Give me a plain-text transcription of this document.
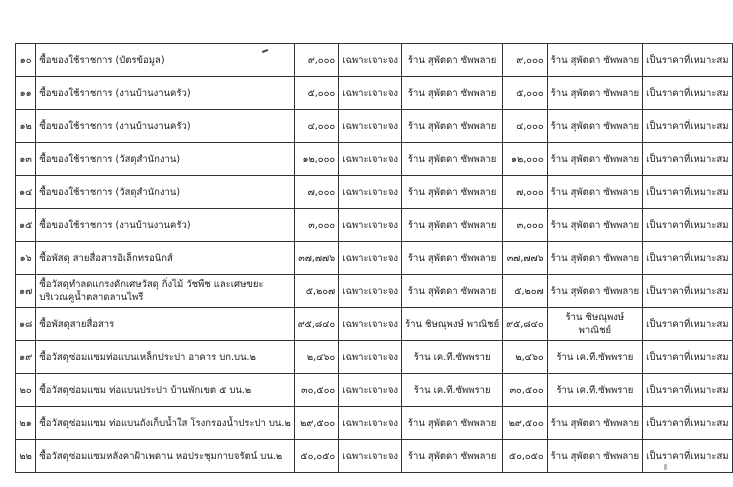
๑๐	ซื้อของใช้ราชการ (บัตรข้อมูล)	๙,๐๐๐	เฉพาะเจาะจง	ร้าน สุพัตดา ซัพพลาย	๙,๐๐๐	ร้าน สุพัตดา ซัพพลาย	เป็นราคาที่เหมาะสม
๑๑	ซื้อของใช้ราชการ (งานบ้านงานครัว)	๕,๐๐๐	เฉพาะเจาะจง	ร้าน สุพัตดา ซัพพลาย	๕,๐๐๐	ร้าน สุพัตดา ซัพพลาย	เป็นราคาที่เหมาะสม
๑๒	ซื้อของใช้ราชการ (งานบ้านงานครัว)	๔,๐๐๐	เฉพาะเจาะจง	ร้าน สุพัตดา ซัพพลาย	๔,๐๐๐	ร้าน สุพัตดา ซัพพลาย	เป็นราคาที่เหมาะสม
๑๓	ซื้อของใช้ราชการ (วัสดุสำนักงาน)	๑๒,๐๐๐	เฉพาะเจาะจง	ร้าน สุพัตดา ซัพพลาย	๑๒,๐๐๐	ร้าน สุพัตดา ซัพพลาย	เป็นราคาที่เหมาะสม
๑๔	ซื้อของใช้ราชการ (วัสดุสำนักงาน)	๗,๐๐๐	เฉพาะเจาะจง	ร้าน สุพัตดา ซัพพลาย	๗,๐๐๐	ร้าน สุพัตดา ซัพพลาย	เป็นราคาที่เหมาะสม
๑๕	ซื้อของใช้ราชการ (งานบ้านงานครัว)	๓,๐๐๐	เฉพาะเจาะจง	ร้าน สุพัตดา ซัพพลาย	๓,๐๐๐	ร้าน สุพัตดา ซัพพลาย	เป็นราคาที่เหมาะสม
๑๖	ซื้อพัสดุ สายสื่อสารอิเล็กทรอนิกส์	๓๗,๗๗๖	เฉพาะเจาะจง	ร้าน สุพัตดา ซัพพลาย	๓๗,๗๗๖	ร้าน สุพัตดา ซัพพลาย	เป็นราคาที่เหมาะสม
๑๗	ซื้อวัสดุทำลดแกรงดักเศษวัสดุ กิ่งไม้ วัชพืช และเศษขยะบริเวณคูน้ำตลาดลานไพรี	๕,๒๐๗	เฉพาะเจาะจง	ร้าน สุพัตดา ซัพพลาย	๕,๒๐๗	ร้าน สุพัตดา ซัพพลาย	เป็นราคาที่เหมาะสม
๑๘	ซื้อพัสดุสายสื่อสาร	๙๕,๘๔๐	เฉพาะเจาะจง	ร้าน ชิษณุพงษ์ พาณิชย์	๙๕,๘๔๐	ร้าน ชิษณุพงษ์ พาณิชย์	เป็นราคาที่เหมาะสม
๑๙	ซื้อวัสดุซ่อมแซมท่อแบนเหล็กประปา อาคาร บก.บน.๒	๒,๔๖๐	เฉพาะเจาะจง	ร้าน เค.ที.ซัพพราย	๒,๔๖๐	ร้าน เค.ที.ซัพพราย	เป็นราคาที่เหมาะสม
๒๐	ซื้อวัสดุซ่อมแซม ท่อแบนประปา บ้านพักเขต ๕ บน.๒	๓๐,๕๐๐	เฉพาะเจาะจง	ร้าน เค.ที.ซัพพราย	๓๐,๕๐๐	ร้าน เค.ที.ซัพพราย	เป็นราคาที่เหมาะสม
๒๑	ซื้อวัสดุซ่อมแซม ท่อแบนถังเก็บน้ำใส โรงกรองน้ำประปา บน.๒	๒๙,๕๐๐	เฉพาะเจาะจง	ร้าน สุพัตดา ซัพพลาย	๒๙,๕๐๐	ร้าน สุพัตดา ซัพพลาย	เป็นราคาที่เหมาะสม
๒๒	ซื้อวัสดุซ่อมแซมหลังคาฝ้าเพดาน หอประชุมกาบจรัตน์ บน.๒	๕๐,๐๕๐	เฉพาะเจาะจง	ร้าน สุพัตดา ซัพพลาย	๕๐,๐๕๐	ร้าน สุพัตดา ซัพพลาย	เป็นราคาที่เหมาะสม
